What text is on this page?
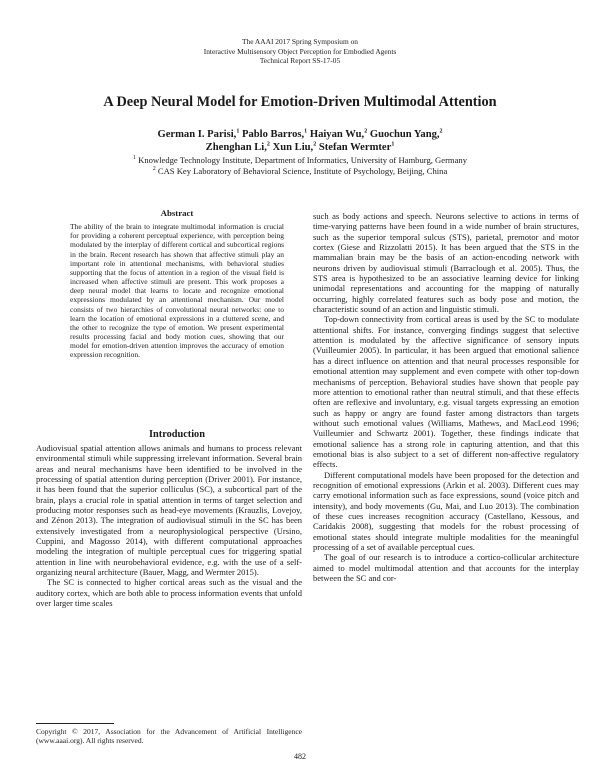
The AAAI 2017 Spring Symposium on
Interactive Multisensory Object Perception for Embodied Agents
Technical Report SS-17-05
A Deep Neural Model for Emotion-Driven Multimodal Attention
German I. Parisi,$^1$ Pablo Barros,$^1$ Haiyan Wu,$^2$ Guochun Yang,$^2$
Zhenghan Li,$^2$ Xun Liu,$^2$ Stefan Wermter$^1$
$^1$ Knowledge Technology Institute, Department of Informatics, University of Hamburg, Germany
$^2$ CAS Key Laboratory of Behavioral Science, Institute of Psychology, Beijing, China
Abstract

The ability of the brain to integrate multimodal information is crucial for providing a coherent perceptual experience, with perception being modulated by the interplay of different cortical and subcortical regions in the brain. Recent research has shown that affective stimuli play an important role in attentional mechanisms, with behavioral studies supporting that the focus of attention in a region of the visual field is increased when affective stimuli are present. This work proposes a deep neural model that learns to locate and recognize emotional expressions modulated by an attentional mechanism. Our model consists of two hierarchies of convolutional neural networks: one to learn the location of emotional expressions in a cluttered scene, and the other to recognize the type of emotion. We present experimental results processing facial and body motion cues, showing that our model for emotion-driven attention improves the accuracy of emotion expression recognition.

Introduction

Audiovisual spatial attention allows animals and humans to process relevant environmental stimuli while suppressing irrelevant information. Several brain areas and neural mechanisms have been identified to be involved in the processing of spatial attention during perception (Driver 2001). For instance, it has been found that the superior colliculus (SC), a subcortical part of the brain, plays a crucial role in spatial attention in terms of target selection and producing motor responses such as head-eye movements (Krauzlis, Lovejoy, and Zénon 2013). The integration of audiovisual stimuli in the SC has been extensively investigated from a neurophysiological perspective (Ursino, Cuppini, and Magosso 2014), with different computational approaches modeling the integration of multiple perceptual cues for triggering spatial attention in line with neurobehavioral evidence, e.g. with the use of a self-organizing neural architecture (Bauer, Magg, and Wermter 2015).

The SC is connected to higher cortical areas such as the visual and the auditory cortex, which are both able to process information events that unfold over larger time scales

such as body actions and speech. Neurons selective to actions in terms of time-varying patterns have been found in a wide number of brain structures, such as the superior temporal sulcus (STS), parietal, premotor and motor cortex (Giese and Rizzolatti 2015). It has been argued that the STS in the mammalian brain may be the basis of an action-encoding network with neurons driven by audiovisual stimuli (Barraclough et al. 2005). Thus, the STS area is hypothesized to be an associative learning device for linking unimodal representations and accounting for the mapping of naturally occurring, highly correlated features such as body pose and motion, the characteristic sound of an action and linguistic stimuli.

Top-down connectivity from cortical areas is used by the SC to modulate attentional shifts. For instance, converging findings suggest that selective attention is modulated by the affective significance of sensory inputs (Vuilleumier 2005). In particular, it has been argued that emotional salience has a direct influence on attention and that neural processes responsible for emotional attention may supplement and even compete with other top-down mechanisms of perception. Behavioral studies have shown that people pay more attention to emotional rather than neutral stimuli, and that these effects often are reflexive and involuntary, e.g. visual targets expressing an emotion such as happy or angry are found faster among distractors than targets without such emotional values (Williams, Mathews, and MacLeod 1996; Vuilleumier and Schwartz 2001). Together, these findings indicate that emotional salience has a strong role in capturing attention, and that this emotional bias is also subject to a set of different non-affective regulatory effects.

Different computational models have been proposed for the detection and recognition of emotional expressions (Arkin et al. 2003). Different cues may carry emotional information such as face expressions, sound (voice pitch and intensity), and body movements (Gu, Mai, and Luo 2013). The combination of these cues increases recognition accuracy (Castellano, Kessous, and Caridakis 2008), suggesting that models for the robust processing of emotional states should integrate multiple modalities for the meaningful processing of a set of available perceptual cues.

The goal of our research is to introduce a cortico-collicular architecture aimed to model multimodal attention and that accounts for the interplay between the SC and cor-

Copyright © 2017, Association for the Advancement of Artificial Intelligence (www.aaai.org). All rights reserved.
482
